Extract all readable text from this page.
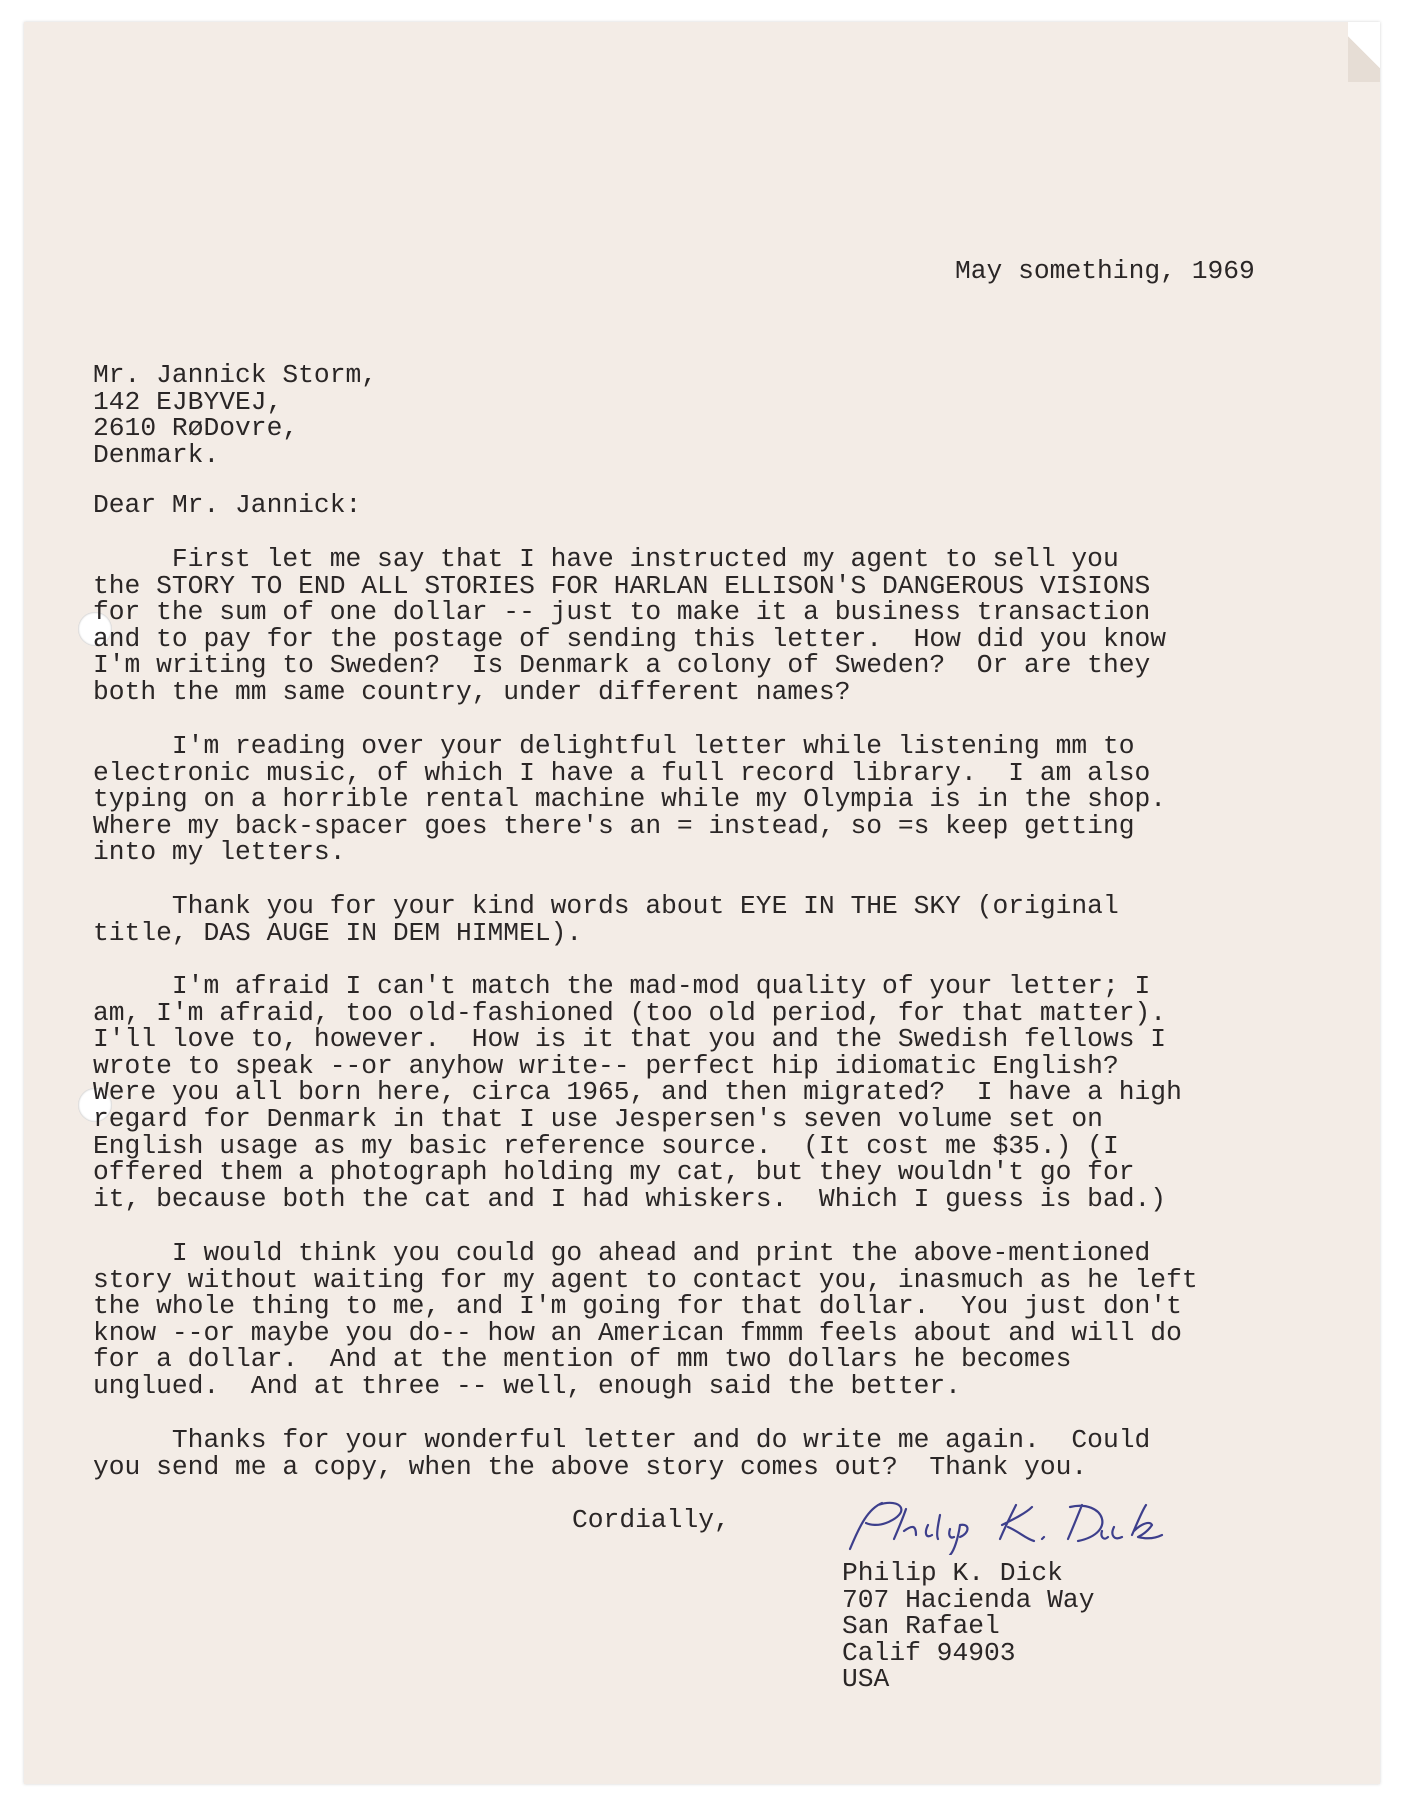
May something, 1969
Mr. Jannick Storm,
142 EJBYVEJ,
2610 RøDovre,
Denmark.
Dear Mr. Jannick:
First let me say that I have instructed my agent to sell you
the STORY TO END ALL STORIES FOR HARLAN ELLISON'S DANGEROUS VISIONS
for the sum of one dollar -- just to make it a business transaction
and to pay for the postage of sending this letter.  How did you know
I'm writing to Sweden?  Is Denmark a colony of Sweden?  Or are they
both the mm same country, under different names?
I'm reading over your delightful letter while listening mm to
electronic music, of which I have a full record library.  I am also
typing on a horrible rental machine while my Olympia is in the shop.
Where my back-spacer goes there's an = instead, so =s keep getting
into my letters.
Thank you for your kind words about EYE IN THE SKY (original
title, DAS AUGE IN DEM HIMMEL).
I'm afraid I can't match the mad-mod quality of your letter; I
am, I'm afraid, too old-fashioned (too old period, for that matter).
I'll love to, however.  How is it that you and the Swedish fellows I
wrote to speak --or anyhow write-- perfect hip idiomatic English?
Were you all born here, circa 1965, and then migrated?  I have a high
regard for Denmark in that I use Jespersen's seven volume set on
English usage as my basic reference source.  (It cost me $35.) (I
offered them a photograph holding my cat, but they wouldn't go for
it, because both the cat and I had whiskers.  Which I guess is bad.)
I would think you could go ahead and print the above-mentioned
story without waiting for my agent to contact you, inasmuch as he left
the whole thing to me, and I'm going for that dollar.  You just don't
know --or maybe you do-- how an American fmmm feels about and will do
for a dollar.  And at the mention of mm two dollars he becomes
unglued.  And at three -- well, enough said the better.
Thanks for your wonderful letter and do write me again.  Could
you send me a copy, when the above story comes out?  Thank you.
Cordially,
Philip K. Dick
707 Hacienda Way
San Rafael
Calif 94903
USA
